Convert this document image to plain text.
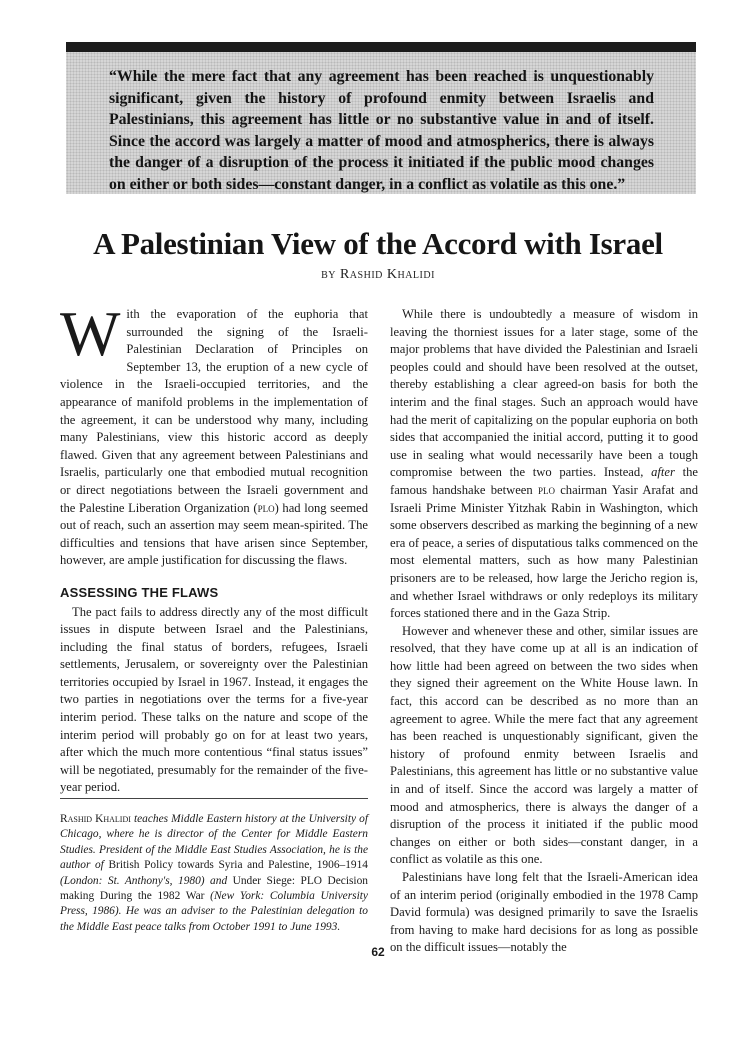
“While the mere fact that any agreement has been reached is unquestionably significant, given the history of profound enmity between Israelis and Palestinians, this agreement has little or no substantive value in and of itself. Since the accord was largely a matter of mood and atmospherics, there is always the danger of a disruption of the process it initiated if the public mood changes on either or both sides—constant danger, in a conflict as volatile as this one.”

A Palestinian View of the Accord with Israel

by Rashid Khalidi

With the evaporation of the euphoria that surrounded the signing of the Israeli-Palestinian Declaration of Principles on September 13, the eruption of a new cycle of violence in the Israeli-occupied territories, and the appearance of manifold problems in the implementation of the agreement, it can be understood why many, including many Palestinians, view this historic accord as deeply flawed. Given that any agreement between Palestinians and Israelis, particularly one that embodied mutual recognition or direct negotiations between the Israeli government and the Palestine Liberation Organization (plo) had long seemed out of reach, such an assertion may seem mean-spirited. The difficulties and tensions that have arisen since September, however, are ample justification for discussing the flaws.

ASSESSING THE FLAWS

The pact fails to address directly any of the most difficult issues in dispute between Israel and the Palestinians, including the final status of borders, refugees, Israeli settlements, Jerusalem, or sovereignty over the Palestinian territories occupied by Israel in 1967. Instead, it engages the two parties in negotiations over the terms for a five-year interim period. These talks on the nature and scope of the interim period will probably go on for at least two years, after which the much more contentious “final status issues” will be negotiated, presumably for the remainder of the five-year period.

Rashid Khalidi teaches Middle Eastern history at the University of Chicago, where he is director of the Center for Middle Eastern Studies. President of the Middle East Studies Association, he is the author of British Policy towards Syria and Palestine, 1906–1914 (London: St. Anthony's, 1980) and Under Siege: PLO Decision making During the 1982 War (New York: Columbia University Press, 1986). He was an adviser to the Palestinian delegation to the Middle East peace talks from October 1991 to June 1993.

While there is undoubtedly a measure of wisdom in leaving the thorniest issues for a later stage, some of the major problems that have divided the Palestinian and Israeli peoples could and should have been resolved at the outset, thereby establishing a clear agreed-on basis for both the interim and the final stages. Such an approach would have had the merit of capitalizing on the popular euphoria on both sides that accompanied the initial accord, putting it to good use in sealing what would necessarily have been a tough compromise between the two parties. Instead, after the famous handshake between plo chairman Yasir Arafat and Israeli Prime Minister Yitzhak Rabin in Washington, which some observers described as marking the beginning of a new era of peace, a series of disputatious talks commenced on the most elemental matters, such as how many Palestinian prisoners are to be released, how large the Jericho region is, and whether Israel withdraws or only redeploys its military forces stationed there and in the Gaza Strip.

However and whenever these and other, similar issues are resolved, that they have come up at all is an indication of how little had been agreed on between the two sides when they signed their agreement on the White House lawn. In fact, this accord can be described as no more than an agreement to agree. While the mere fact that any agreement has been reached is unquestionably significant, given the history of profound enmity between Israelis and Palestinians, this agreement has little or no substantive value in and of itself. Since the accord was largely a matter of mood and atmospherics, there is always the danger of a disruption of the process it initiated if the public mood changes on either or both sides—constant danger, in a conflict as volatile as this one.

Palestinians have long felt that the Israeli-American idea of an interim period (originally embodied in the 1978 Camp David formula) was designed primarily to save the Israelis from having to make hard decisions for as long as possible on the difficult issues—notably the

62
